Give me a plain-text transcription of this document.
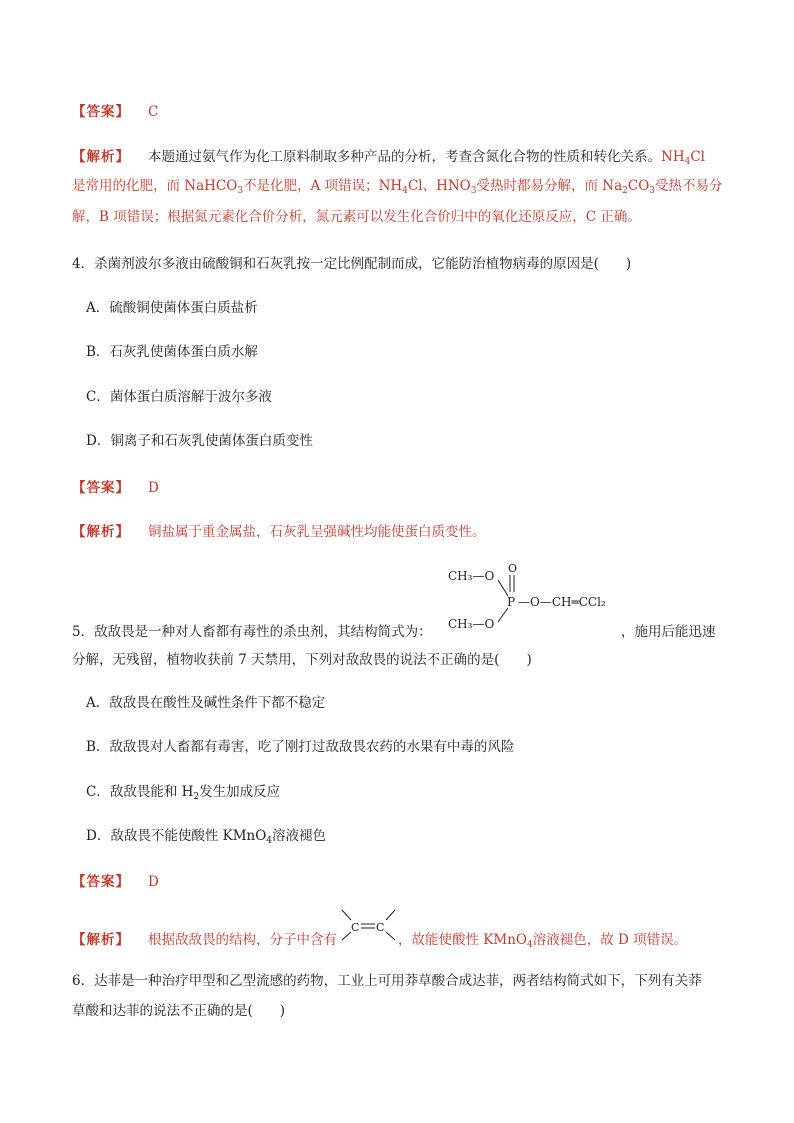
【答案】 C
【解析】 本题通过氨气作为化工原料制取多种产品的分析，考查含氮化合物的性质和转化关系。$NH_4Cl$
是常用的化肥，而 NaHCO$_3$不是化肥，A 项错误；$NH_4Cl$、$HNO_3$受热时都易分解，而 $Na_2CO_3$受热不易分
解，B 项错误；根据氮元素化合价分析，氮元素可以发生化合价归中的氧化还原反应，C 正确。
4．杀菌剂波尔多液由硫酸铜和石灰乳按一定比例配制而成，它能防治植物病毒的原因是(　　)
A．硫酸铜使菌体蛋白质盐析
B．石灰乳使菌体蛋白质水解
C．菌体蛋白质溶解于波尔多液
D．铜离子和石灰乳使菌体蛋白质变性
【答案】 D
【解析】 铜盐属于重金属盐，石灰乳呈强碱性均能使蛋白质变性。
CH₃—O
CH₃—O
O
P —O—CH═CCl₂
5．敌敌畏是一种对人畜都有毒性的杀虫剂，其结构简式为：	，施用后能迅速
分解，无残留，植物收获前 7 天禁用，下列对敌敌畏的说法不正确的是(　　)
A．敌敌畏在酸性及碱性条件下都不稳定
B．敌敌畏对人畜都有毒害，吃了刚打过敌敌畏农药的水果有中毒的风险
C．敌敌畏能和 $H_2$发生加成反应
D．敌敌畏不能使酸性 KMnO$_4$溶液褪色
【答案】 D
C C
【解析】 根据敌敌畏的结构，分子中含有	，故能使酸性 KMnO$_4$溶液褪色，故 D 项错误。
6．达菲是一种治疗甲型和乙型流感的药物，工业上可用莽草酸合成达菲，两者结构简式如下，下列有关莽
草酸和达菲的说法不正确的是(　　)
